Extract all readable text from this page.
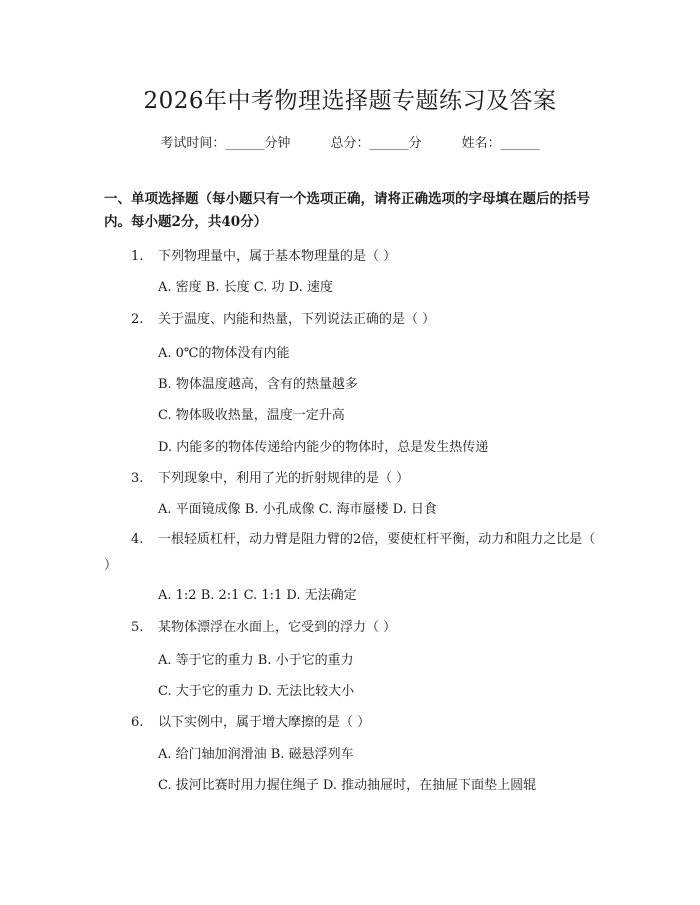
2026年中考物理选择题专题练习及答案
考试时间：______分钟	总分：______分	姓名：______
一、单项选择题（每小题只有一个选项正确，请将正确选项的字母填在题后的括号内。每小题2分，共40分）
1. 下列物理量中，属于基本物理量的是（ ）
A. 密度 B. 长度 C. 功 D. 速度
2. 关于温度、内能和热量，下列说法正确的是（ ）
A. 0℃的物体没有内能
B. 物体温度越高，含有的热量越多
C. 物体吸收热量，温度一定升高
D. 内能多的物体传递给内能少的物体时，总是发生热传递
3. 下列现象中，利用了光的折射规律的是（ ）
A. 平面镜成像 B. 小孔成像 C. 海市蜃楼 D. 日食
4. 一根轻质杠杆，动力臂是阻力臂的2倍，要使杠杆平衡，动力和阻力之比是（ ）
A. 1:2 B. 2:1 C. 1:1 D. 无法确定
5. 某物体漂浮在水面上，它受到的浮力（ ）
A. 等于它的重力 B. 小于它的重力
C. 大于它的重力 D. 无法比较大小
6. 以下实例中，属于增大摩擦的是（ ）
A. 给门轴加润滑油 B. 磁悬浮列车
C. 拔河比赛时用力握住绳子 D. 推动抽屉时，在抽屉下面垫上圆辊
